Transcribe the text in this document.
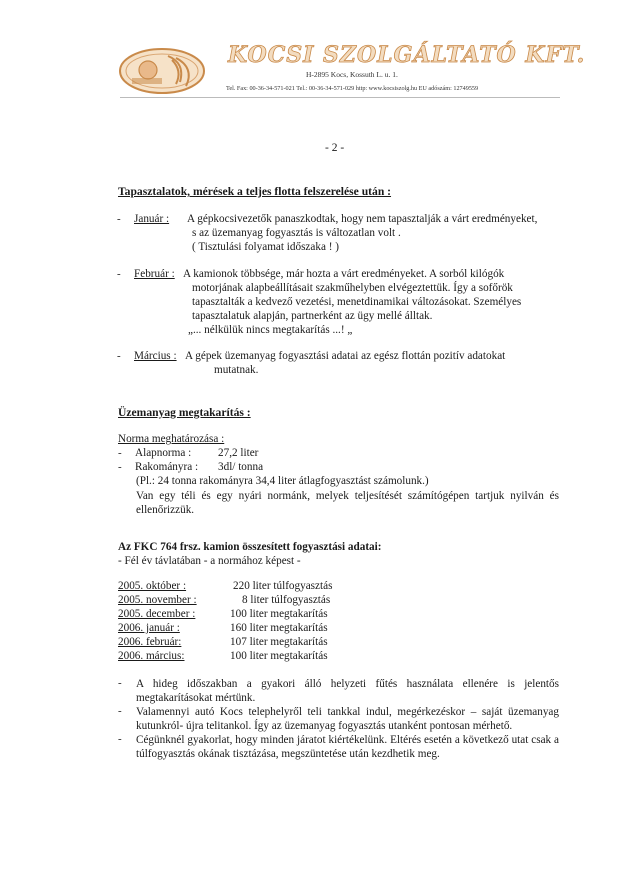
KOCSI SZOLGÁLTATÓ KFT.
H-2895 Kocs, Kossuth L. u. 1.
Tel. Fax: 00-36-34-571-021 Tel.: 00-36-34-571-029 http: www.kocsiszolg.hu EU adószám: 12749559
- 2 -
Tapasztalatok, mérések a teljes flotta felszerelése után :
- Január : A gépkocsivezetők panaszkodtak, hogy nem tapasztalják a várt eredményeket,
s az üzemanyag fogyasztás is változatlan volt .
( Tisztulási folyamat időszaka ! )
- Február : A kamionok többsége, már hozta a várt eredményeket. A sorból kilógók
motorjának alapbeállításait szakműhelyben elvégeztettük. Így a sofőrök
tapasztalták a kedvező vezetési, menetdinamikai változásokat. Személyes
tapasztalatuk alapján, partnerként az ügy mellé álltak.
„... nélkülük nincs megtakarítás ...! „
- Március : A gépek üzemanyag fogyasztási adatai az egész flottán pozitív adatokat
mutatnak.
Üzemanyag megtakarítás :
Norma meghatározása :
- Alapnorma : 27,2 liter
- Rakományra : 3dl/ tonna
(Pl.: 24 tonna rakományra 34,4 liter átlagfogyasztást számolunk.)
Van egy téli és egy nyári normánk, melyek teljesítését számítógépen tartjuk nyilván és ellenőrizzük.
Az FKC 764 frsz. kamion összesített fogyasztási adatai:
- Fél év távlatában - a normához képest -
2005. október :	220 liter túlfogyasztás
2005. november :	8 liter túlfogyasztás
2005. december :	100 liter megtakarítás
2006. január :	160 liter megtakarítás
2006. február:	107 liter megtakarítás
2006. március:	100 liter megtakarítás
- A hideg időszakban a gyakori álló helyzeti fűtés használata ellenére is jelentős megtakarításokat mértünk.
- Valamennyi autó Kocs telephelyről teli tankkal indul, megérkezéskor – saját üzemanyag kutunkról- újra telitankol. Így az üzemanyag fogyasztás utanként pontosan mérhető.
- Cégünknél gyakorlat, hogy minden járatot kiértékelünk. Eltérés esetén a következő utat csak a túlfogyasztás okának tisztázása, megszüntetése után kezdhetik meg.
